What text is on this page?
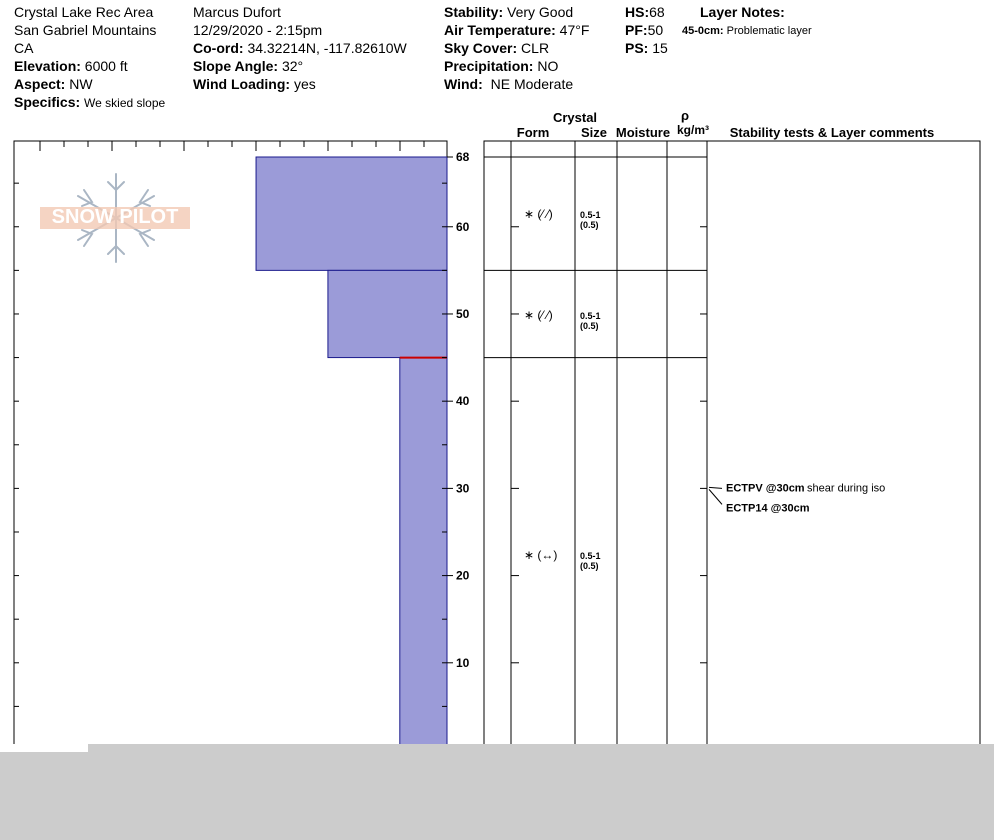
Crystal Lake Rec Area
San Gabriel Mountains
CA
Elevation: 6000 ft
Aspect: NW
Specifics: We skied slope
Marcus Dufort
12/29/2020 - 2:15pm
Co-ord: 34.32214N, -117.82610W
Slope Angle: 32°
Wind Loading: yes
Stability: Very Good
Air Temperature: 47°F
Sky Cover: CLR
Precipitation: NO
Wind: NE Moderate
HS:68
PF:50
PS: 15
Layer Notes:
45-0cm: Problematic layer
Crystal
Form	Size Moisture
ρ
kg/m³	Stability tests & Layer comments
10
20
30
40
50
60
68
∗ (⁄ ⁄)	0.5-1
(0.5)
∗ (⁄ ⁄)	0.5-1
(0.5)
∗ (↔)	0.5-1
(0.5)
ECTPV @30cm shear during iso
ECTP14 @30cm
SNOW PILOT
